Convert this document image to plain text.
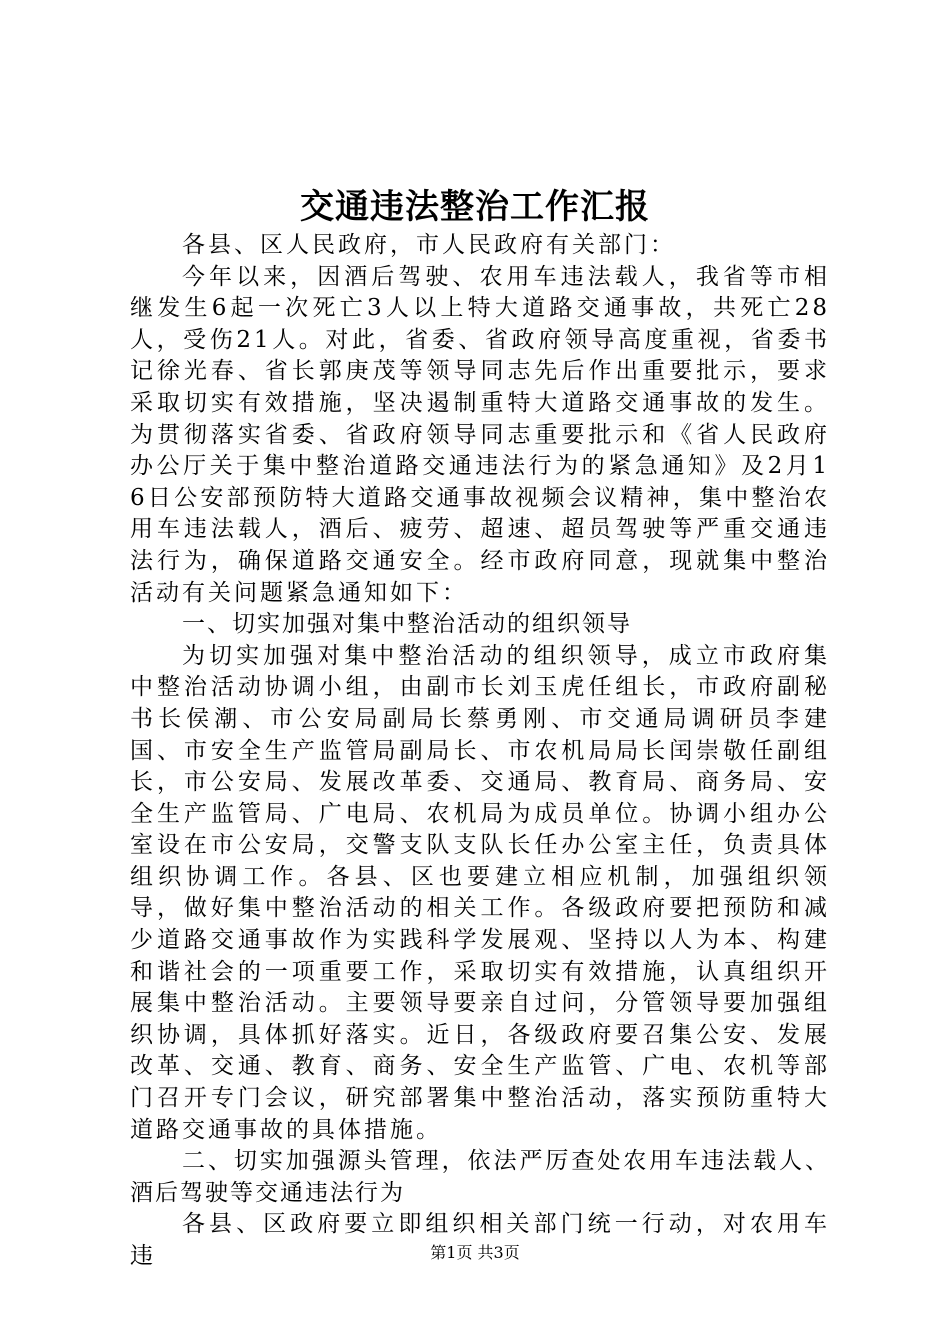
交通违法整治工作汇报

各县、区人民政府，市人民政府有关部门：

今年以来，因酒后驾驶、农用车违法载人，我省等市相继发生6起一次死亡3人以上特大道路交通事故，共死亡28人，受伤21人。对此，省委、省政府领导高度重视，省委书记徐光春、省长郭庚茂等领导同志先后作出重要批示，要求采取切实有效措施，坚决遏制重特大道路交通事故的发生。为贯彻落实省委、省政府领导同志重要批示和《省人民政府办公厅关于集中整治道路交通违法行为的紧急通知》及2月16日公安部预防特大道路交通事故视频会议精神，集中整治农用车违法载人，酒后、疲劳、超速、超员驾驶等严重交通违法行为，确保道路交通安全。经市政府同意，现就集中整治活动有关问题紧急通知如下：

一、切实加强对集中整治活动的组织领导

为切实加强对集中整治活动的组织领导，成立市政府集中整治活动协调小组，由副市长刘玉虎任组长，市政府副秘书长侯潮、市公安局副局长蔡勇刚、市交通局调研员李建国、市安全生产监管局副局长、市农机局局长闰崇敬任副组长，市公安局、发展改革委、交通局、教育局、商务局、安全生产监管局、广电局、农机局为成员单位。协调小组办公室设在市公安局，交警支队支队长任办公室主任，负责具体组织协调工作。各县、区也要建立相应机制，加强组织领导，做好集中整治活动的相关工作。各级政府要把预防和减少道路交通事故作为实践科学发展观、坚持以人为本、构建和谐社会的一项重要工作，采取切实有效措施，认真组织开展集中整治活动。主要领导要亲自过问，分管领导要加强组织协调，具体抓好落实。近日，各级政府要召集公安、发展改革、交通、教育、商务、安全生产监管、广电、农机等部门召开专门会议，研究部署集中整治活动，落实预防重特大道路交通事故的具体措施。

二、切实加强源头管理，依法严厉查处农用车违法载人、酒后驾驶等交通违法行为

各县、区政府要立即组织相关部门统一行动，对农用车违	第1页 共3页
